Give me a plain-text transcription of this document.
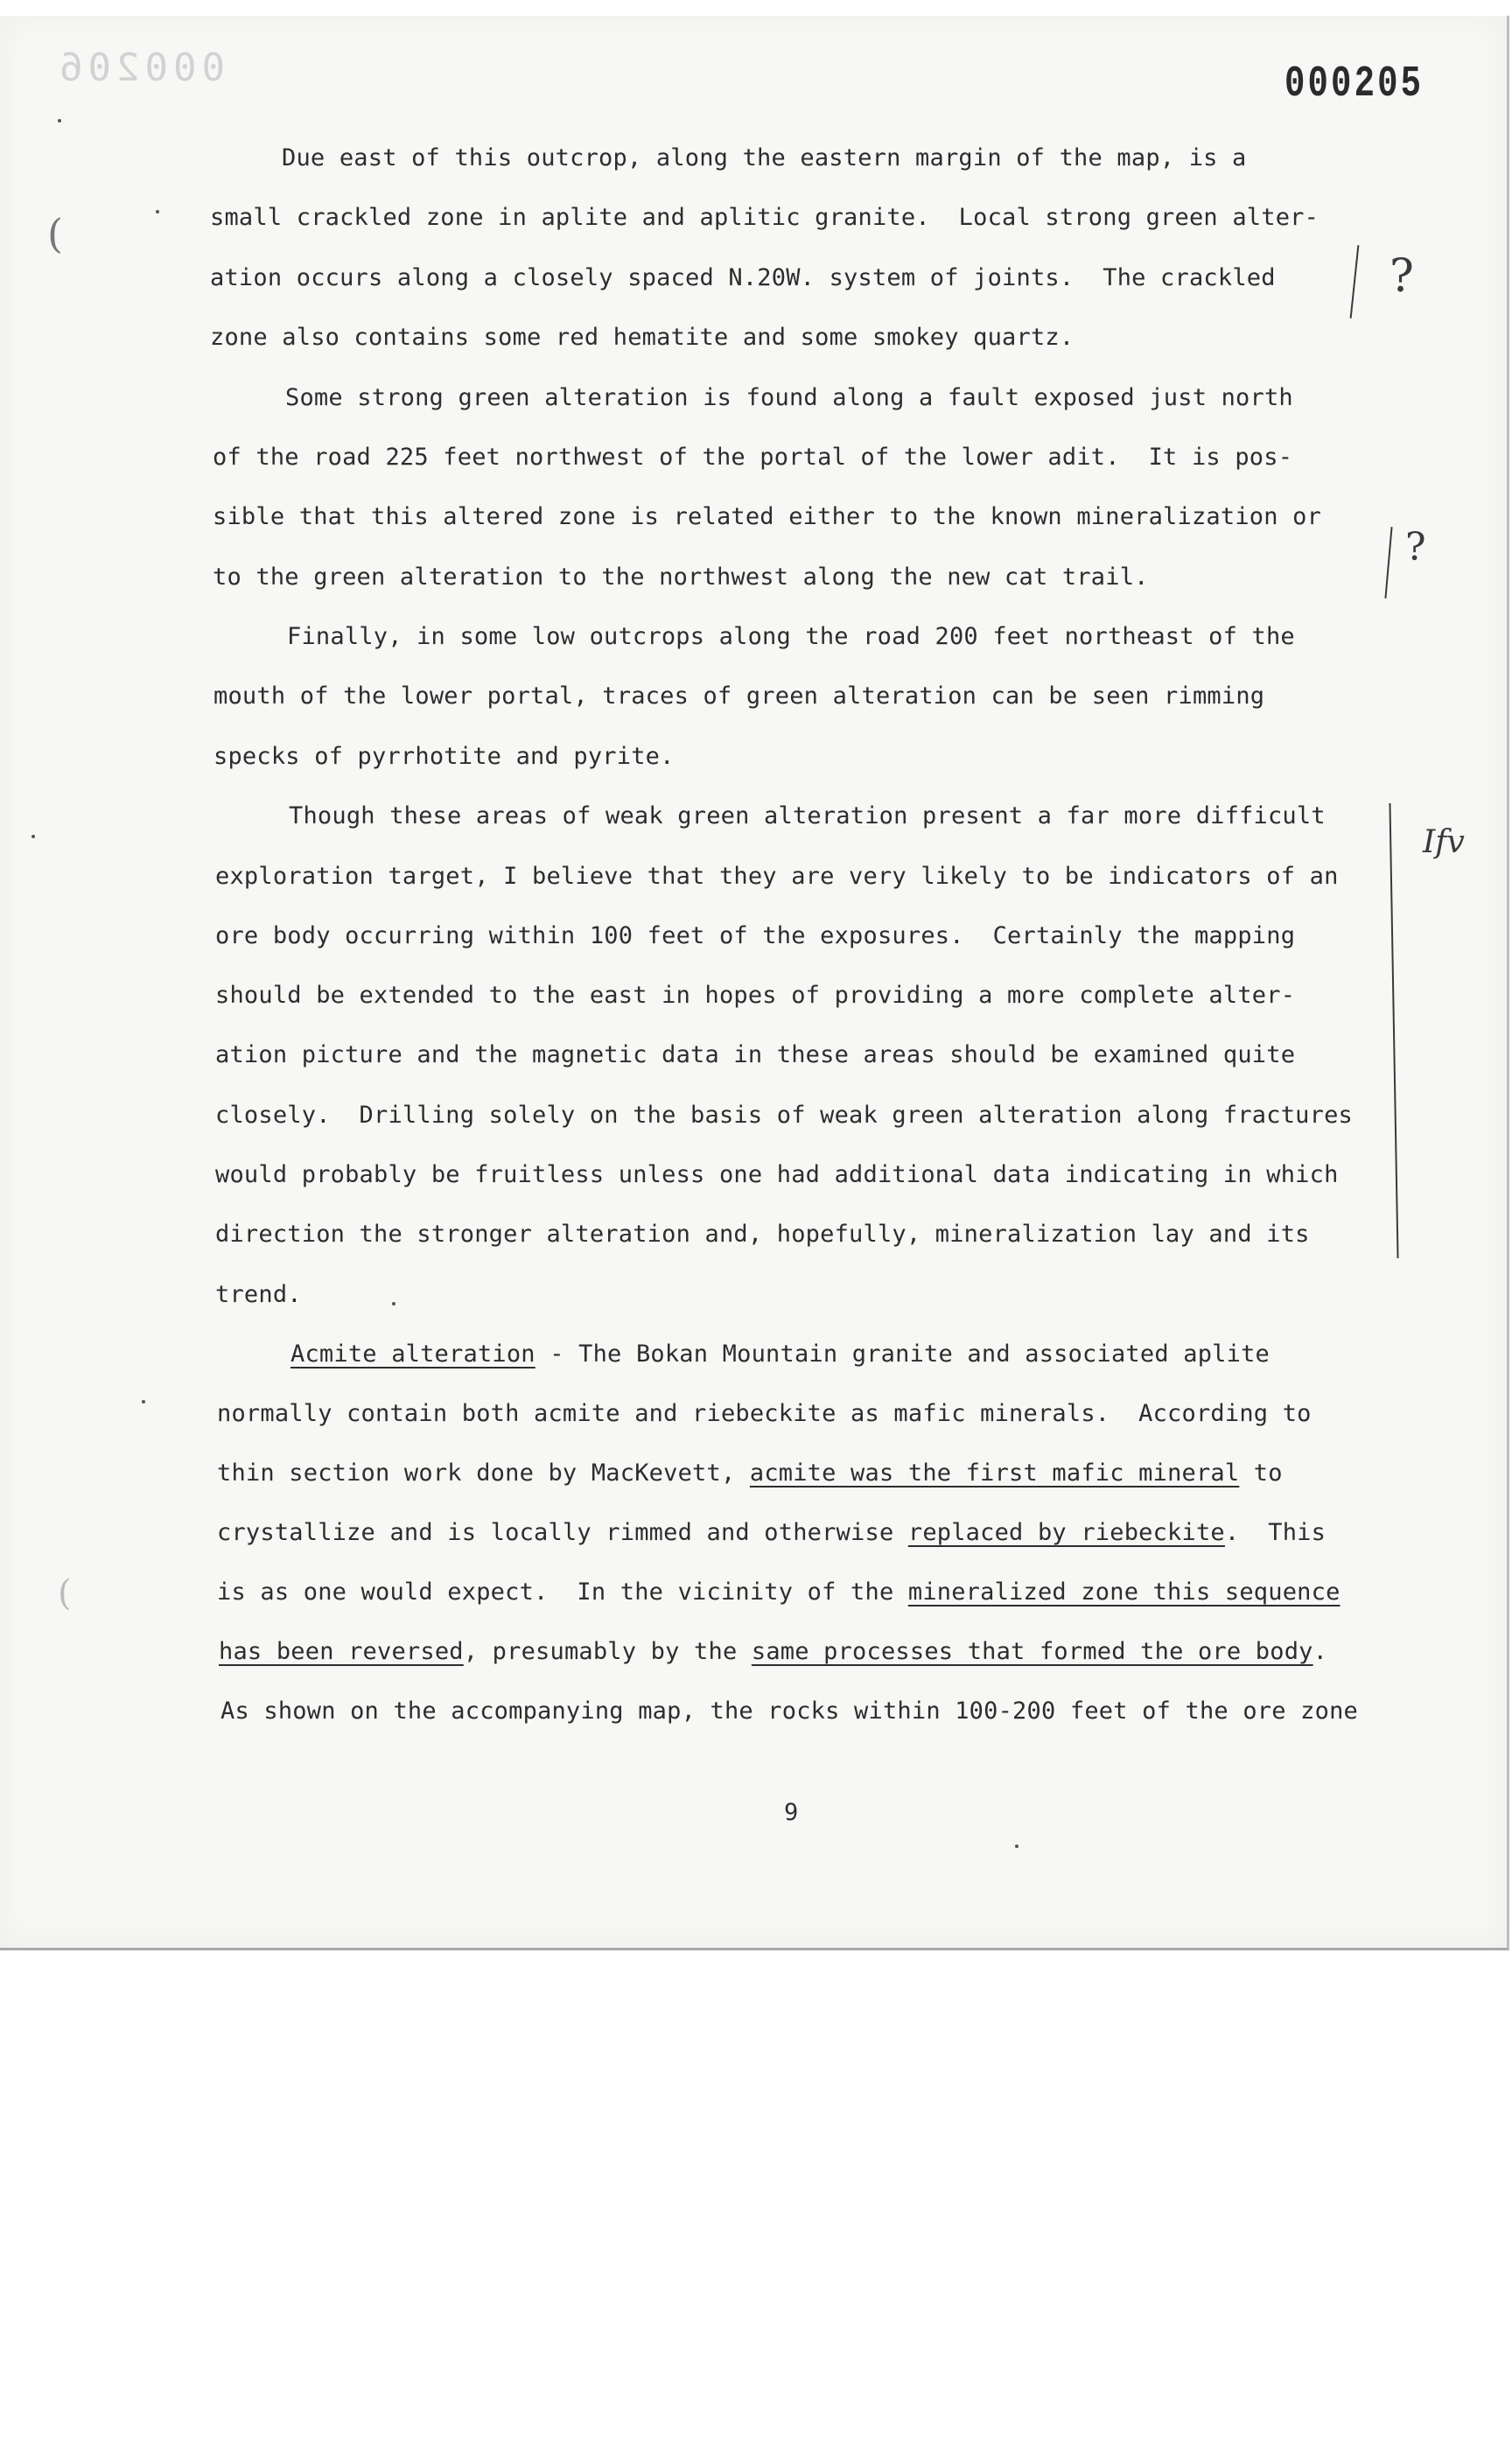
000206	000205
Due east of this outcrop, along the eastern margin of the map, is a
small crackled zone in aplite and aplitic granite.  Local strong green alter-
ation occurs along a closely spaced N.20W. system of joints.  The crackled
zone also contains some red hematite and some smokey quartz.
Some strong green alteration is found along a fault exposed just north
of the road 225 feet northwest of the portal of the lower adit.  It is pos-
sible that this altered zone is related either to the known mineralization or
to the green alteration to the northwest along the new cat trail.
Finally, in some low outcrops along the road 200 feet northeast of the
mouth of the lower portal, traces of green alteration can be seen rimming
specks of pyrrhotite and pyrite.
Though these areas of weak green alteration present a far more difficult
exploration target, I believe that they are very likely to be indicators of an
ore body occurring within 100 feet of the exposures.  Certainly the mapping
should be extended to the east in hopes of providing a more complete alter-
ation picture and the magnetic data in these areas should be examined quite
closely.  Drilling solely on the basis of weak green alteration along fractures
would probably be fruitless unless one had additional data indicating in which
direction the stronger alteration and, hopefully, mineralization lay and its
trend.
Acmite alteration - The Bokan Mountain granite and associated aplite
normally contain both acmite and riebeckite as mafic minerals.  According to
thin section work done by MacKevett, acmite was the first mafic mineral to
crystallize and is locally rimmed and otherwise replaced by riebeckite.  This
is as one would expect.  In the vicinity of the mineralized zone this sequence
has been reversed, presumably by the same processes that formed the ore body.
As shown on the accompanying map, the rocks within 100-200 feet of the ore zone
9
?
?
Ifv
(
(
